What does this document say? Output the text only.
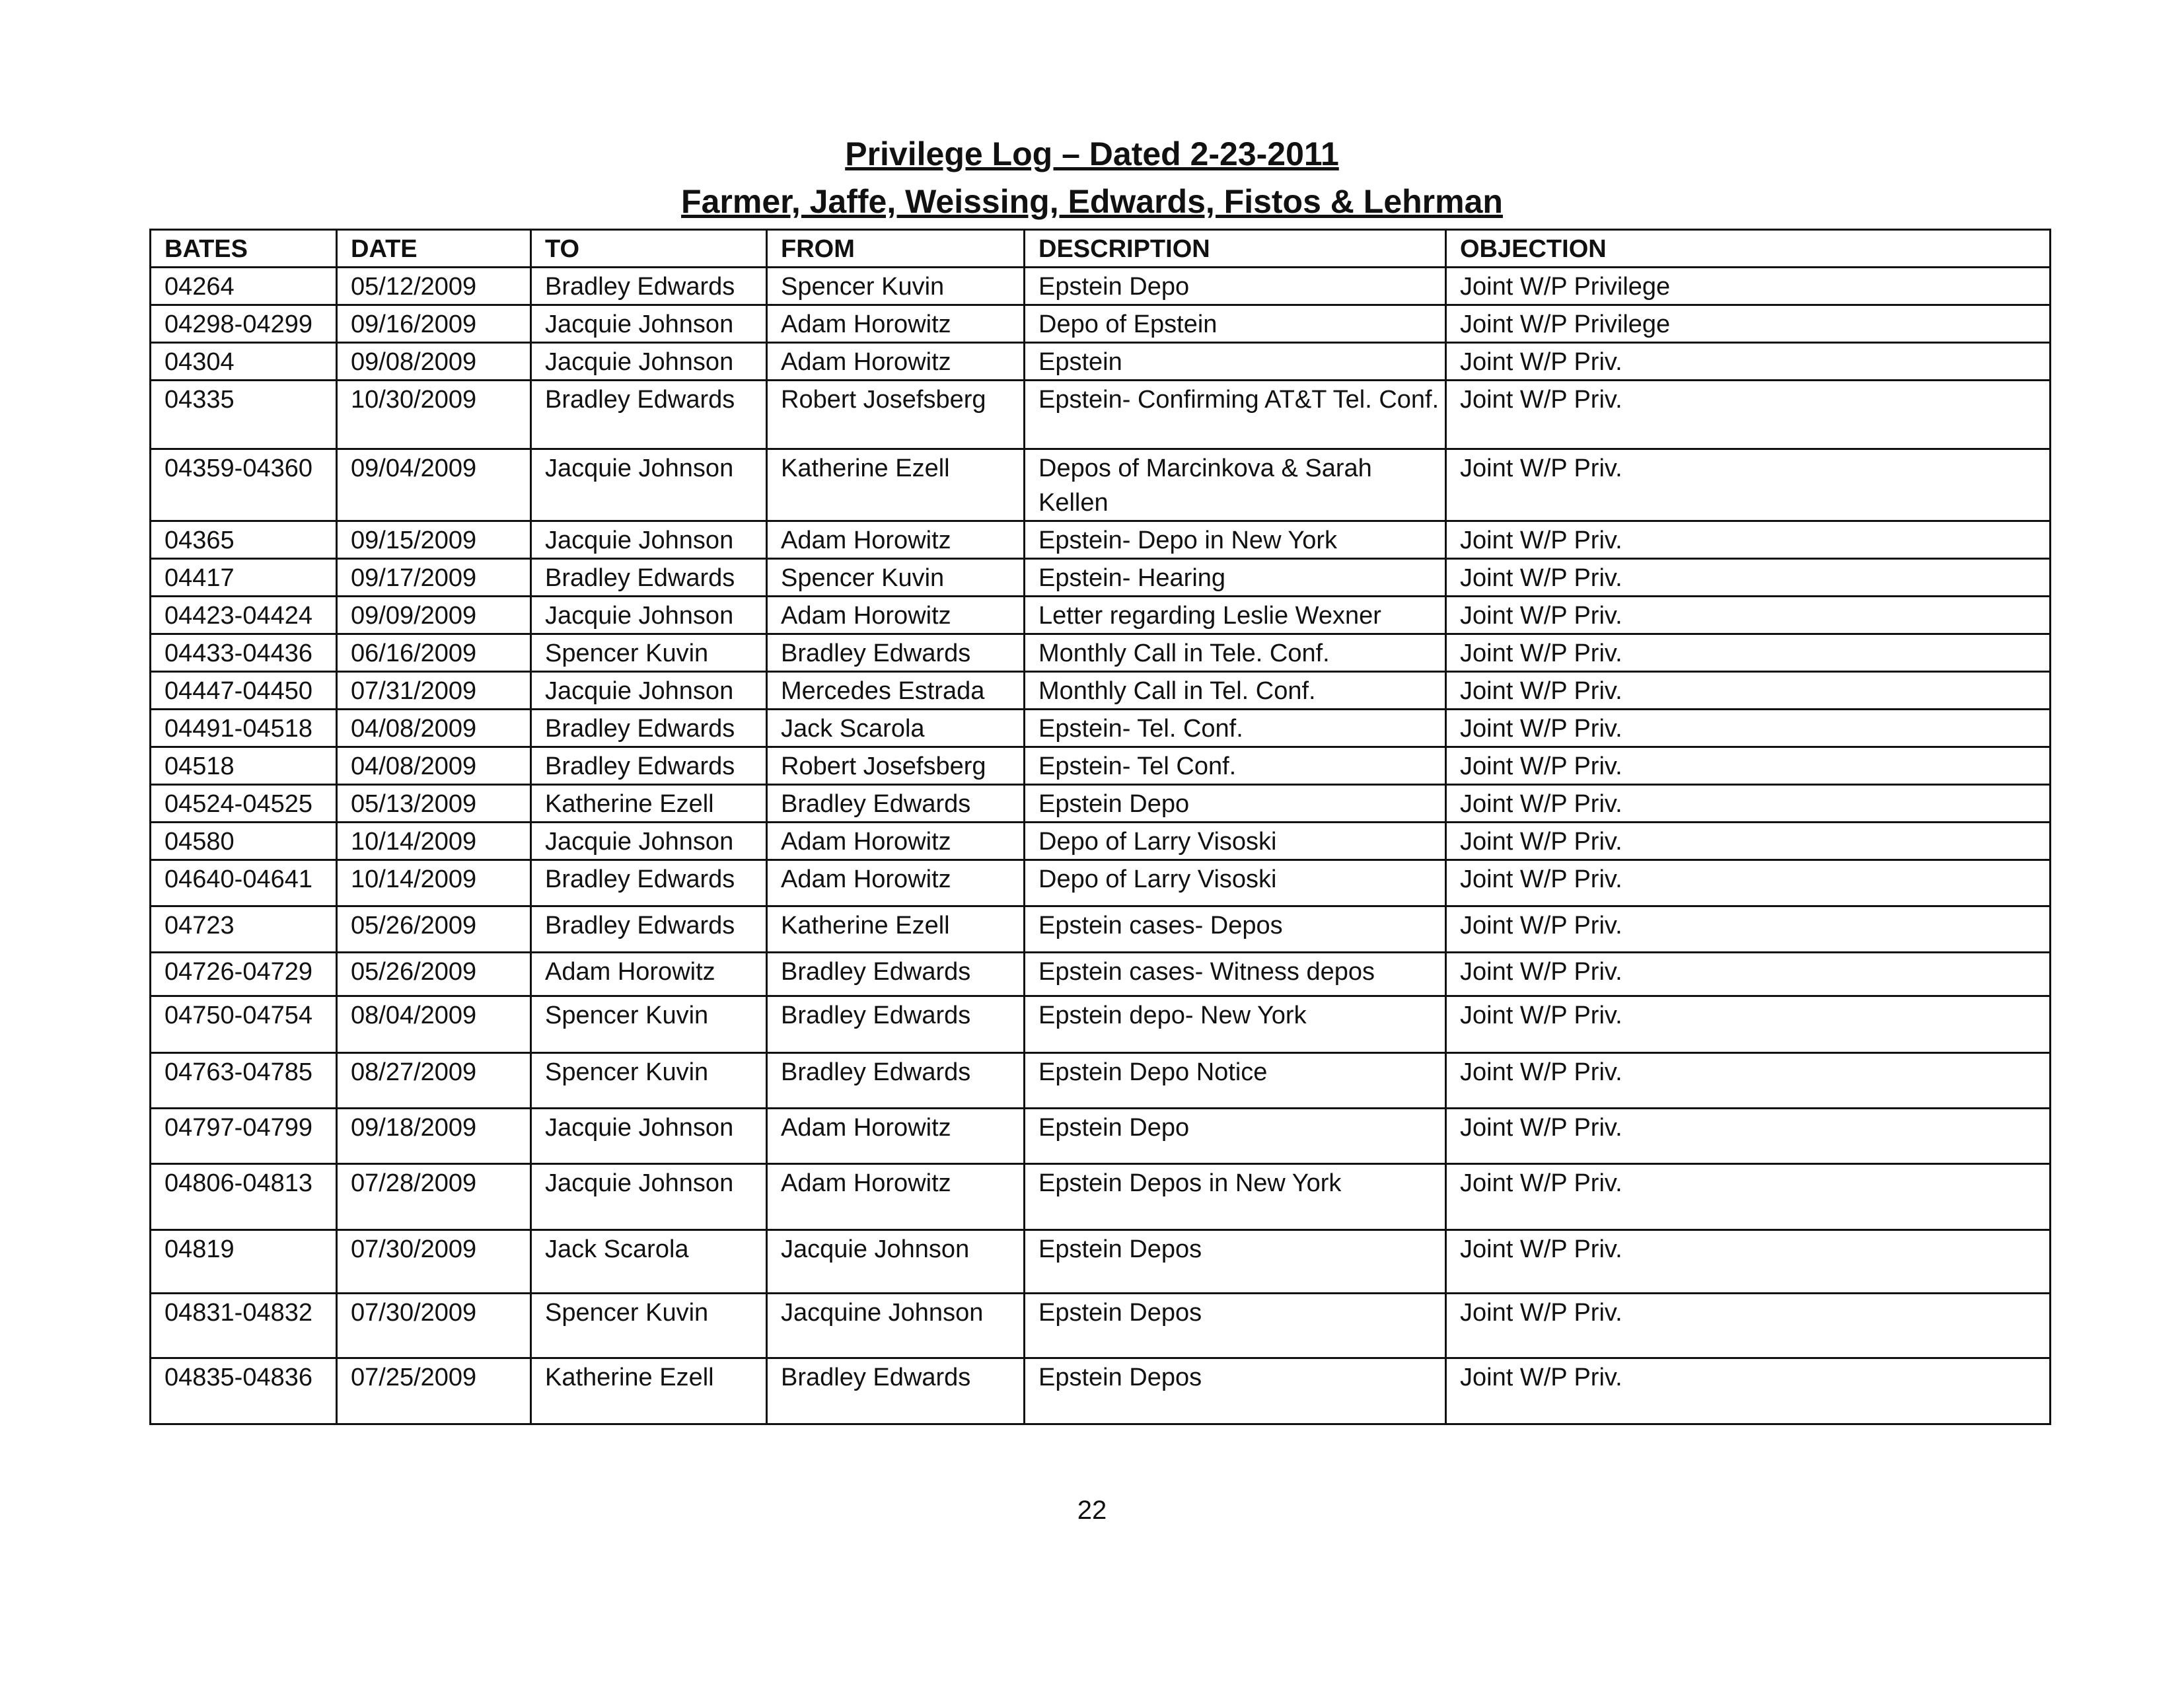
Privilege Log – Dated 2-23-2011
Farmer, Jaffe, Weissing, Edwards, Fistos & Lehrman
BATES	DATE	TO	FROM	DESCRIPTION	OBJECTION
04264	05/12/2009	Bradley Edwards	Spencer Kuvin	Epstein Depo	Joint W/P Privilege
04298-04299	09/16/2009	Jacquie Johnson	Adam Horowitz	Depo of Epstein	Joint W/P Privilege
04304	09/08/2009	Jacquie Johnson	Adam Horowitz	Epstein	Joint W/P Priv.
04335	10/30/2009	Bradley Edwards	Robert Josefsberg	Epstein- Confirming AT&T Tel. Conf.	Joint W/P Priv.
04359-04360	09/04/2009	Jacquie Johnson	Katherine Ezell	Depos of Marcinkova & Sarah Kellen	Joint W/P Priv.
04365	09/15/2009	Jacquie Johnson	Adam Horowitz	Epstein- Depo in New York	Joint W/P Priv.
04417	09/17/2009	Bradley Edwards	Spencer Kuvin	Epstein- Hearing	Joint W/P Priv.
04423-04424	09/09/2009	Jacquie Johnson	Adam Horowitz	Letter regarding Leslie Wexner	Joint W/P Priv.
04433-04436	06/16/2009	Spencer Kuvin	Bradley Edwards	Monthly Call in Tele. Conf.	Joint W/P Priv.
04447-04450	07/31/2009	Jacquie Johnson	Mercedes Estrada	Monthly Call in Tel. Conf.	Joint W/P Priv.
04491-04518	04/08/2009	Bradley Edwards	Jack Scarola	Epstein- Tel. Conf.	Joint W/P Priv.
04518	04/08/2009	Bradley Edwards	Robert Josefsberg	Epstein- Tel Conf.	Joint W/P Priv.
04524-04525	05/13/2009	Katherine Ezell	Bradley Edwards	Epstein Depo	Joint W/P Priv.
04580	10/14/2009	Jacquie Johnson	Adam Horowitz	Depo of Larry Visoski	Joint W/P Priv.
04640-04641	10/14/2009	Bradley Edwards	Adam Horowitz	Depo of Larry Visoski	Joint W/P Priv.
04723	05/26/2009	Bradley Edwards	Katherine Ezell	Epstein cases- Depos	Joint W/P Priv.
04726-04729	05/26/2009	Adam Horowitz	Bradley Edwards	Epstein cases- Witness depos	Joint W/P Priv.
04750-04754	08/04/2009	Spencer Kuvin	Bradley Edwards	Epstein depo- New York	Joint W/P Priv.
04763-04785	08/27/2009	Spencer Kuvin	Bradley Edwards	Epstein Depo Notice	Joint W/P Priv.
04797-04799	09/18/2009	Jacquie Johnson	Adam Horowitz	Epstein Depo	Joint W/P Priv.
04806-04813	07/28/2009	Jacquie Johnson	Adam Horowitz	Epstein Depos in New York	Joint W/P Priv.
04819	07/30/2009	Jack Scarola	Jacquie Johnson	Epstein Depos	Joint W/P Priv.
04831-04832	07/30/2009	Spencer Kuvin	Jacquine Johnson	Epstein Depos	Joint W/P Priv.
04835-04836	07/25/2009	Katherine Ezell	Bradley Edwards	Epstein Depos	Joint W/P Priv.
22
